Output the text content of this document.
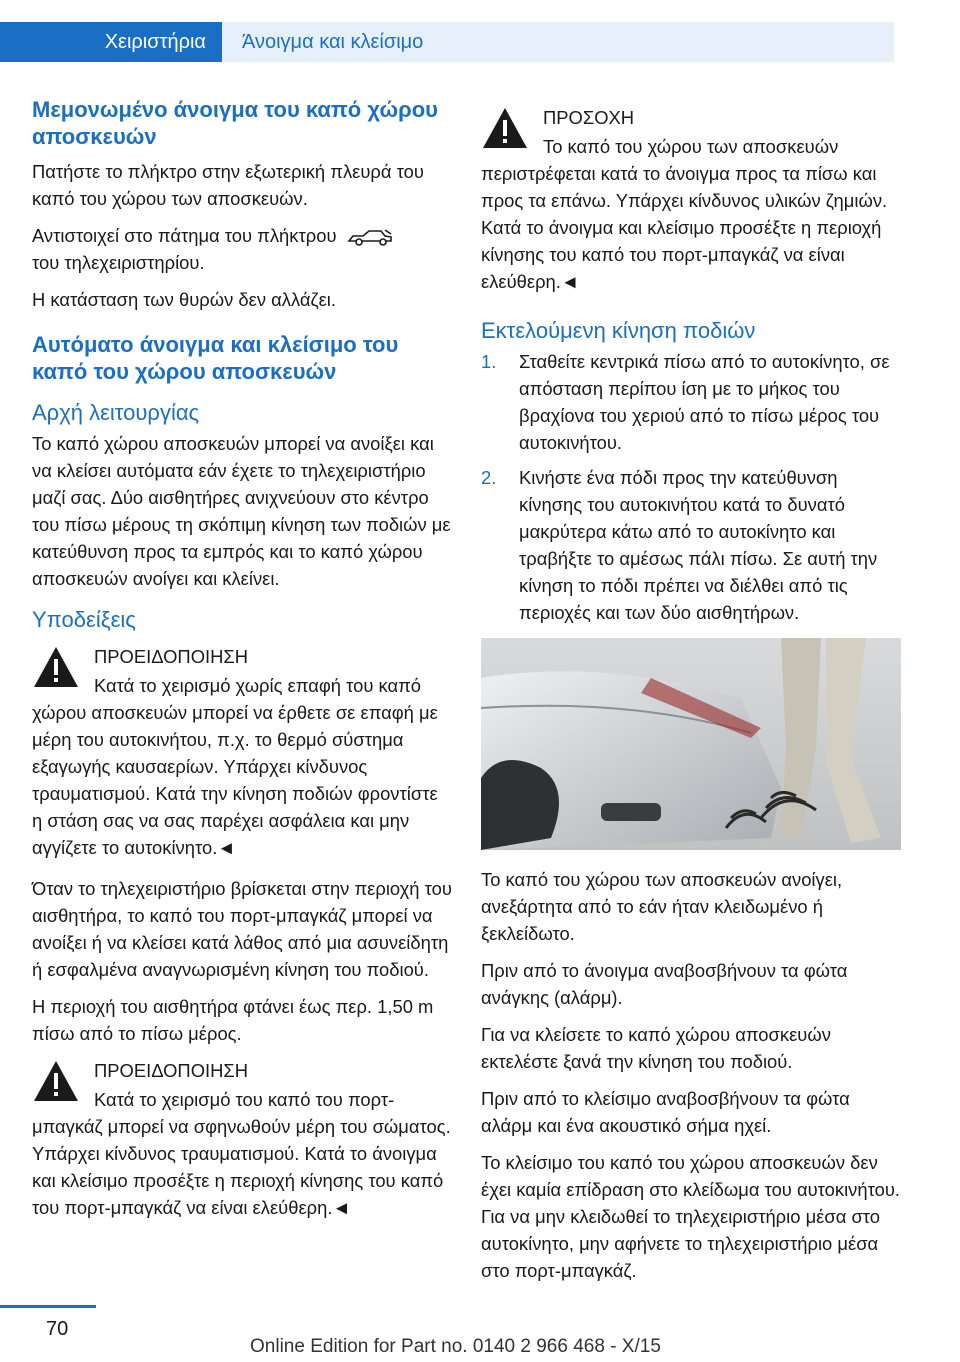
Χειριστήρια	Άνοιγμα και κλείσιμο
Μεμονωμένο άνοιγμα του καπό χώρου αποσκευών

Πατήστε το πλήκτρο στην εξωτερική πλευρά του καπό του χώρου των αποσκευών.

Αντιστοιχεί στο πάτημα του πλήκτρου
του τηλεχειριστηρίου.

Η κατάσταση των θυρών δεν αλλάζει.

Αυτόματο άνοιγμα και κλείσιμο του καπό του χώρου αποσκευών
Αρχή λειτουργίας

Το καπό χώρου αποσκευών μπορεί να ανοίξει και να κλείσει αυτόματα εάν έχετε το τηλεχειριστήριο μαζί σας. Δύο αισθητήρες ανιχνεύουν στο κέντρο του πίσω μέρους τη σκόπιμη κίνηση των ποδιών με κατεύθυνση προς τα εμπρός και το καπό χώρου αποσκευών ανοίγει και κλείνει.

Υποδείξεις
ΠΡΟΕΙΔΟΠΟΙΗΣΗ

Κατά το χειρισμό χωρίς επαφή του καπό χώρου αποσκευών μπορεί να έρθετε σε επαφή με μέρη του αυτοκινήτου, π.χ. το θερμό σύστημα εξαγωγής καυσαερίων. Υπάρχει κίνδυνος τραυματισμού. Κατά την κίνηση ποδιών φροντίστε η στάση σας να σας παρέχει ασφάλεια και μην αγγίζετε το αυτοκίνητο.◄

Όταν το τηλεχειριστήριο βρίσκεται στην περιοχή του αισθητήρα, το καπό του πορτ-μπαγκάζ μπορεί να ανοίξει ή να κλείσει κατά λάθος από μια ασυνείδητη ή εσφαλμένα αναγνωρισμένη κίνηση του ποδιού.

Η περιοχή του αισθητήρα φτάνει έως περ. 1,50 m πίσω από το πίσω μέρος.

ΠΡΟΕΙΔΟΠΟΙΗΣΗ

Κατά το χειρισμό του καπό του πορτ-μπαγκάζ μπορεί να σφηνωθούν μέρη του σώματος. Υπάρχει κίνδυνος τραυματισμού. Κατά το άνοιγμα και κλείσιμο προσέξτε η περιοχή κίνησης του καπό του πορτ-μπαγκάζ να είναι ελεύθερη.◄

ΠΡΟΣΟΧΗ

Το καπό του χώρου των αποσκευών περιστρέφεται κατά το άνοιγμα προς τα πίσω και προς τα επάνω. Υπάρχει κίνδυνος υλικών ζημιών. Κατά το άνοιγμα και κλείσιμο προσέξτε η περιοχή κίνησης του καπό του πορτ-μπαγκάζ να είναι ελεύθερη.◄

Εκτελούμενη κίνηση ποδιών
1. Σταθείτε κεντρικά πίσω από το αυτοκίνητο, σε απόσταση περίπου ίση με το μήκος του βραχίονα του χεριού από το πίσω μέρος του αυτοκινήτου.
2. Κινήστε ένα πόδι προς την κατεύθυνση κίνησης του αυτοκινήτου κατά το δυνατό μακρύτερα κάτω από το αυτοκίνητο και τραβήξτε το αμέσως πάλι πίσω. Σε αυτή την κίνηση το πόδι πρέπει να διέλθει από τις περιοχές και των δύο αισθητήρων.

Το καπό του χώρου των αποσκευών ανοίγει, ανεξάρτητα από το εάν ήταν κλειδωμένο ή ξεκλείδωτο.

Πριν από το άνοιγμα αναβοσβήνουν τα φώτα ανάγκης (αλάρμ).

Για να κλείσετε το καπό χώρου αποσκευών εκτελέστε ξανά την κίνηση του ποδιού.

Πριν από το κλείσιμο αναβοσβήνουν τα φώτα αλάρμ και ένα ακουστικό σήμα ηχεί.

Το κλείσιμο του καπό του χώρου αποσκευών δεν έχει καμία επίδραση στο κλείδωμα του αυτοκινήτου. Για να μην κλειδωθεί το τηλεχειριστήριο μέσα στο αυτοκίνητο, μην αφήνετε το τηλεχειριστήριο μέσα στο πορτ-μπαγκάζ.

70
Online Edition for Part no. 0140 2 966 468 - X/15
